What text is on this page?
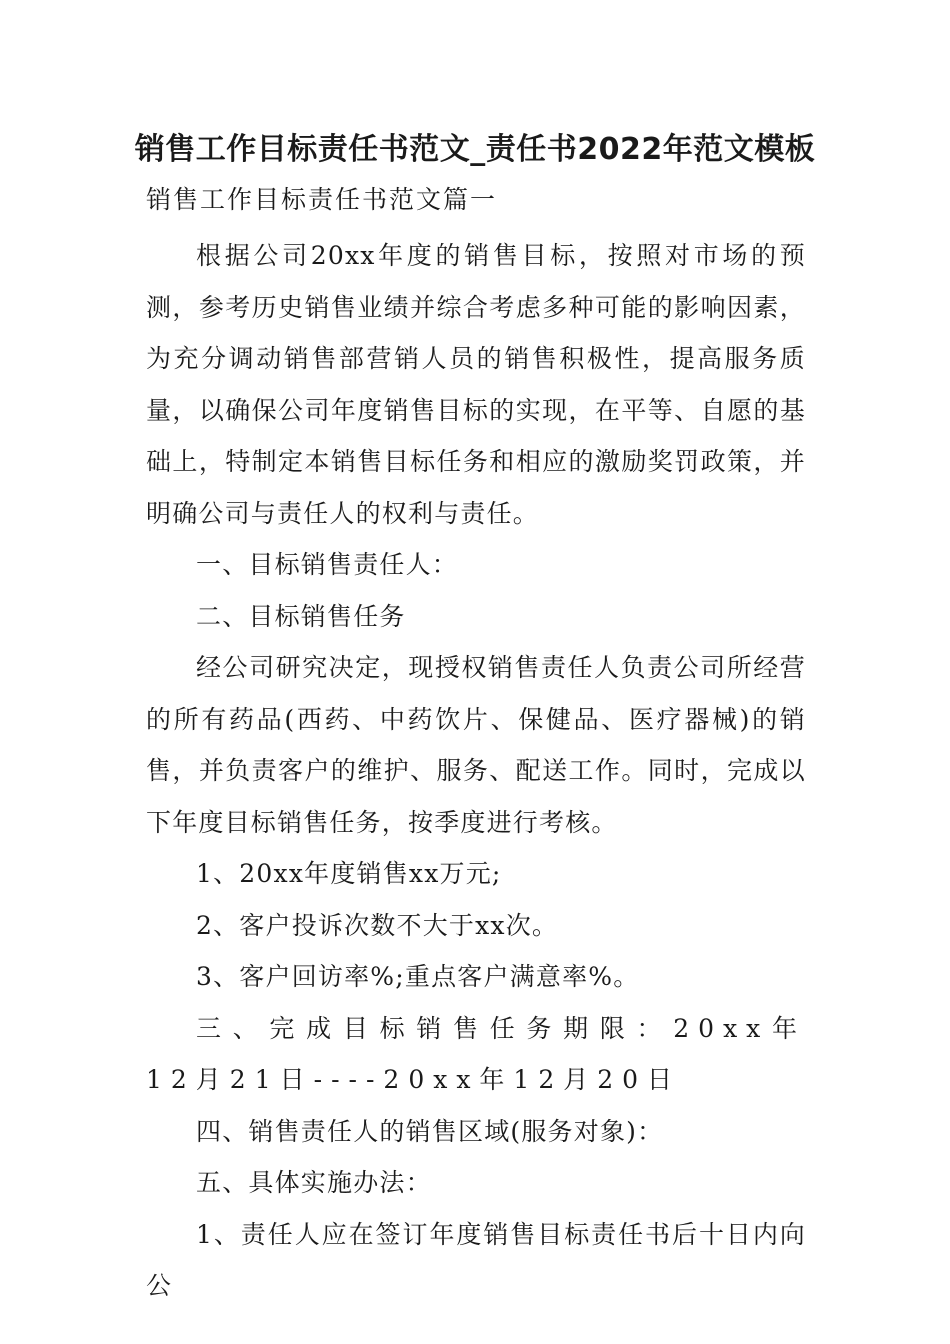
销售工作目标责任书范文_责任书2022年范文模板
销售工作目标责任书范文篇一

根据公司20xx年度的销售目标，按照对市场的预测，参考历史销售业绩并综合考虑多种可能的影响因素，为充分调动销售部营销人员的销售积极性，提高服务质量，以确保公司年度销售目标的实现，在平等、自愿的基础上，特制定本销售目标任务和相应的激励奖罚政策，并明确公司与责任人的权利与责任。

一、目标销售责任人：

二、目标销售任务

经公司研究决定，现授权销售责任人负责公司所经营的所有药品(西药、中药饮片、保健品、医疗器械)的销售，并负责客户的维护、服务、配送工作。同时，完成以下年度目标销售任务，按季度进行考核。

1、20xx年度销售xx万元;

2、客户投诉次数不大于xx次。

3、客户回访率%;重点客户满意率%。

三、完成目标销售任务期限：20xx年12月21日----20xx年12月20日

四、销售责任人的销售区域(服务对象)：

五、具体实施办法：

1、责任人应在签订年度销售目标责任书后十日内向公
